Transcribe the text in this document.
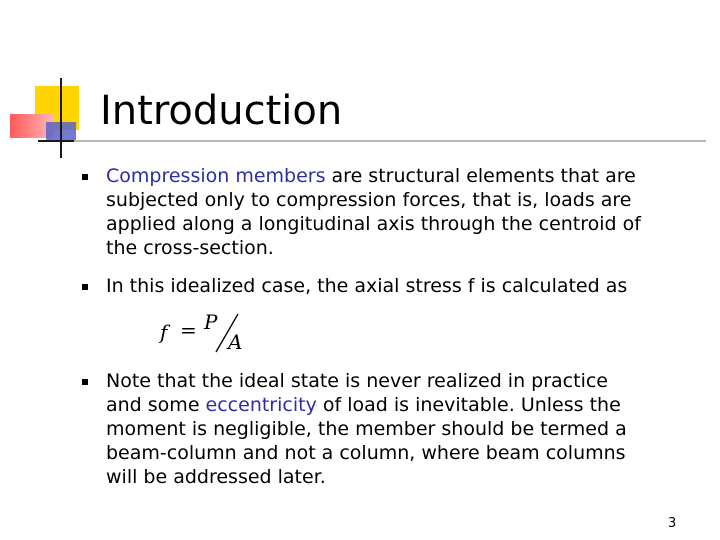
Introduction

Compression members are structural elements that are
subjected only to compression forces, that is, loads are
applied along a longitudinal axis through the centroid of
the cross-section.

In this idealized case, the axial stress f is calculated as

f = P
A

Note that the ideal state is never realized in practice
and some eccentricity of load is inevitable. Unless the
moment is negligible, the member should be termed a
beam-column and not a column, where beam columns
will be addressed later.

3
